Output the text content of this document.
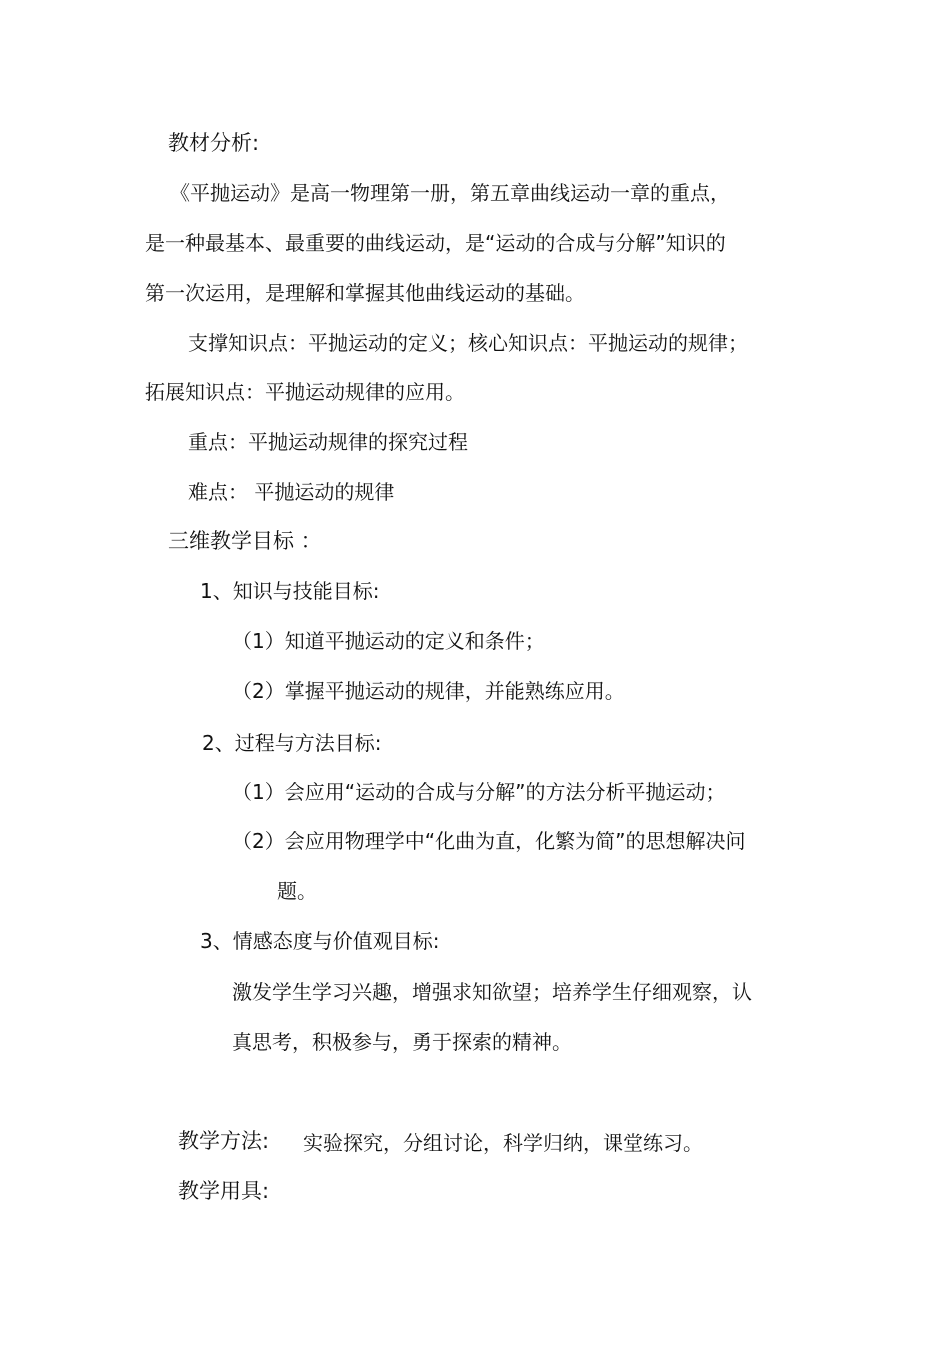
教材分析:
《平抛运动》是高一物理第一册，第五章曲线运动一章的重点，
是一种最基本、最重要的曲线运动，是“运动的合成与分解”知识的
第一次运用，是理解和掌握其他曲线运动的基础。
支撑知识点：平抛运动的定义；核心知识点：平抛运动的规律；
拓展知识点：平抛运动规律的应用。
重点：平抛运动规律的探究过程
难点： 平抛运动的规律
三维教学目标 ：
1、知识与技能目标:
（1）知道平抛运动的定义和条件；
（2）掌握平抛运动的规律，并能熟练应用。
2、过程与方法目标:
（1）会应用“运动的合成与分解”的方法分析平抛运动；
（2）会应用物理学中“化曲为直，化繁为简”的思想解决问
题。
3、情感态度与价值观目标:
激发学生学习兴趣，增强求知欲望；培养学生仔细观察，认
真思考，积极参与，勇于探索的精神。
教学方法: 实验探究，分组讨论，科学归纳，课堂练习。
教学用具:
